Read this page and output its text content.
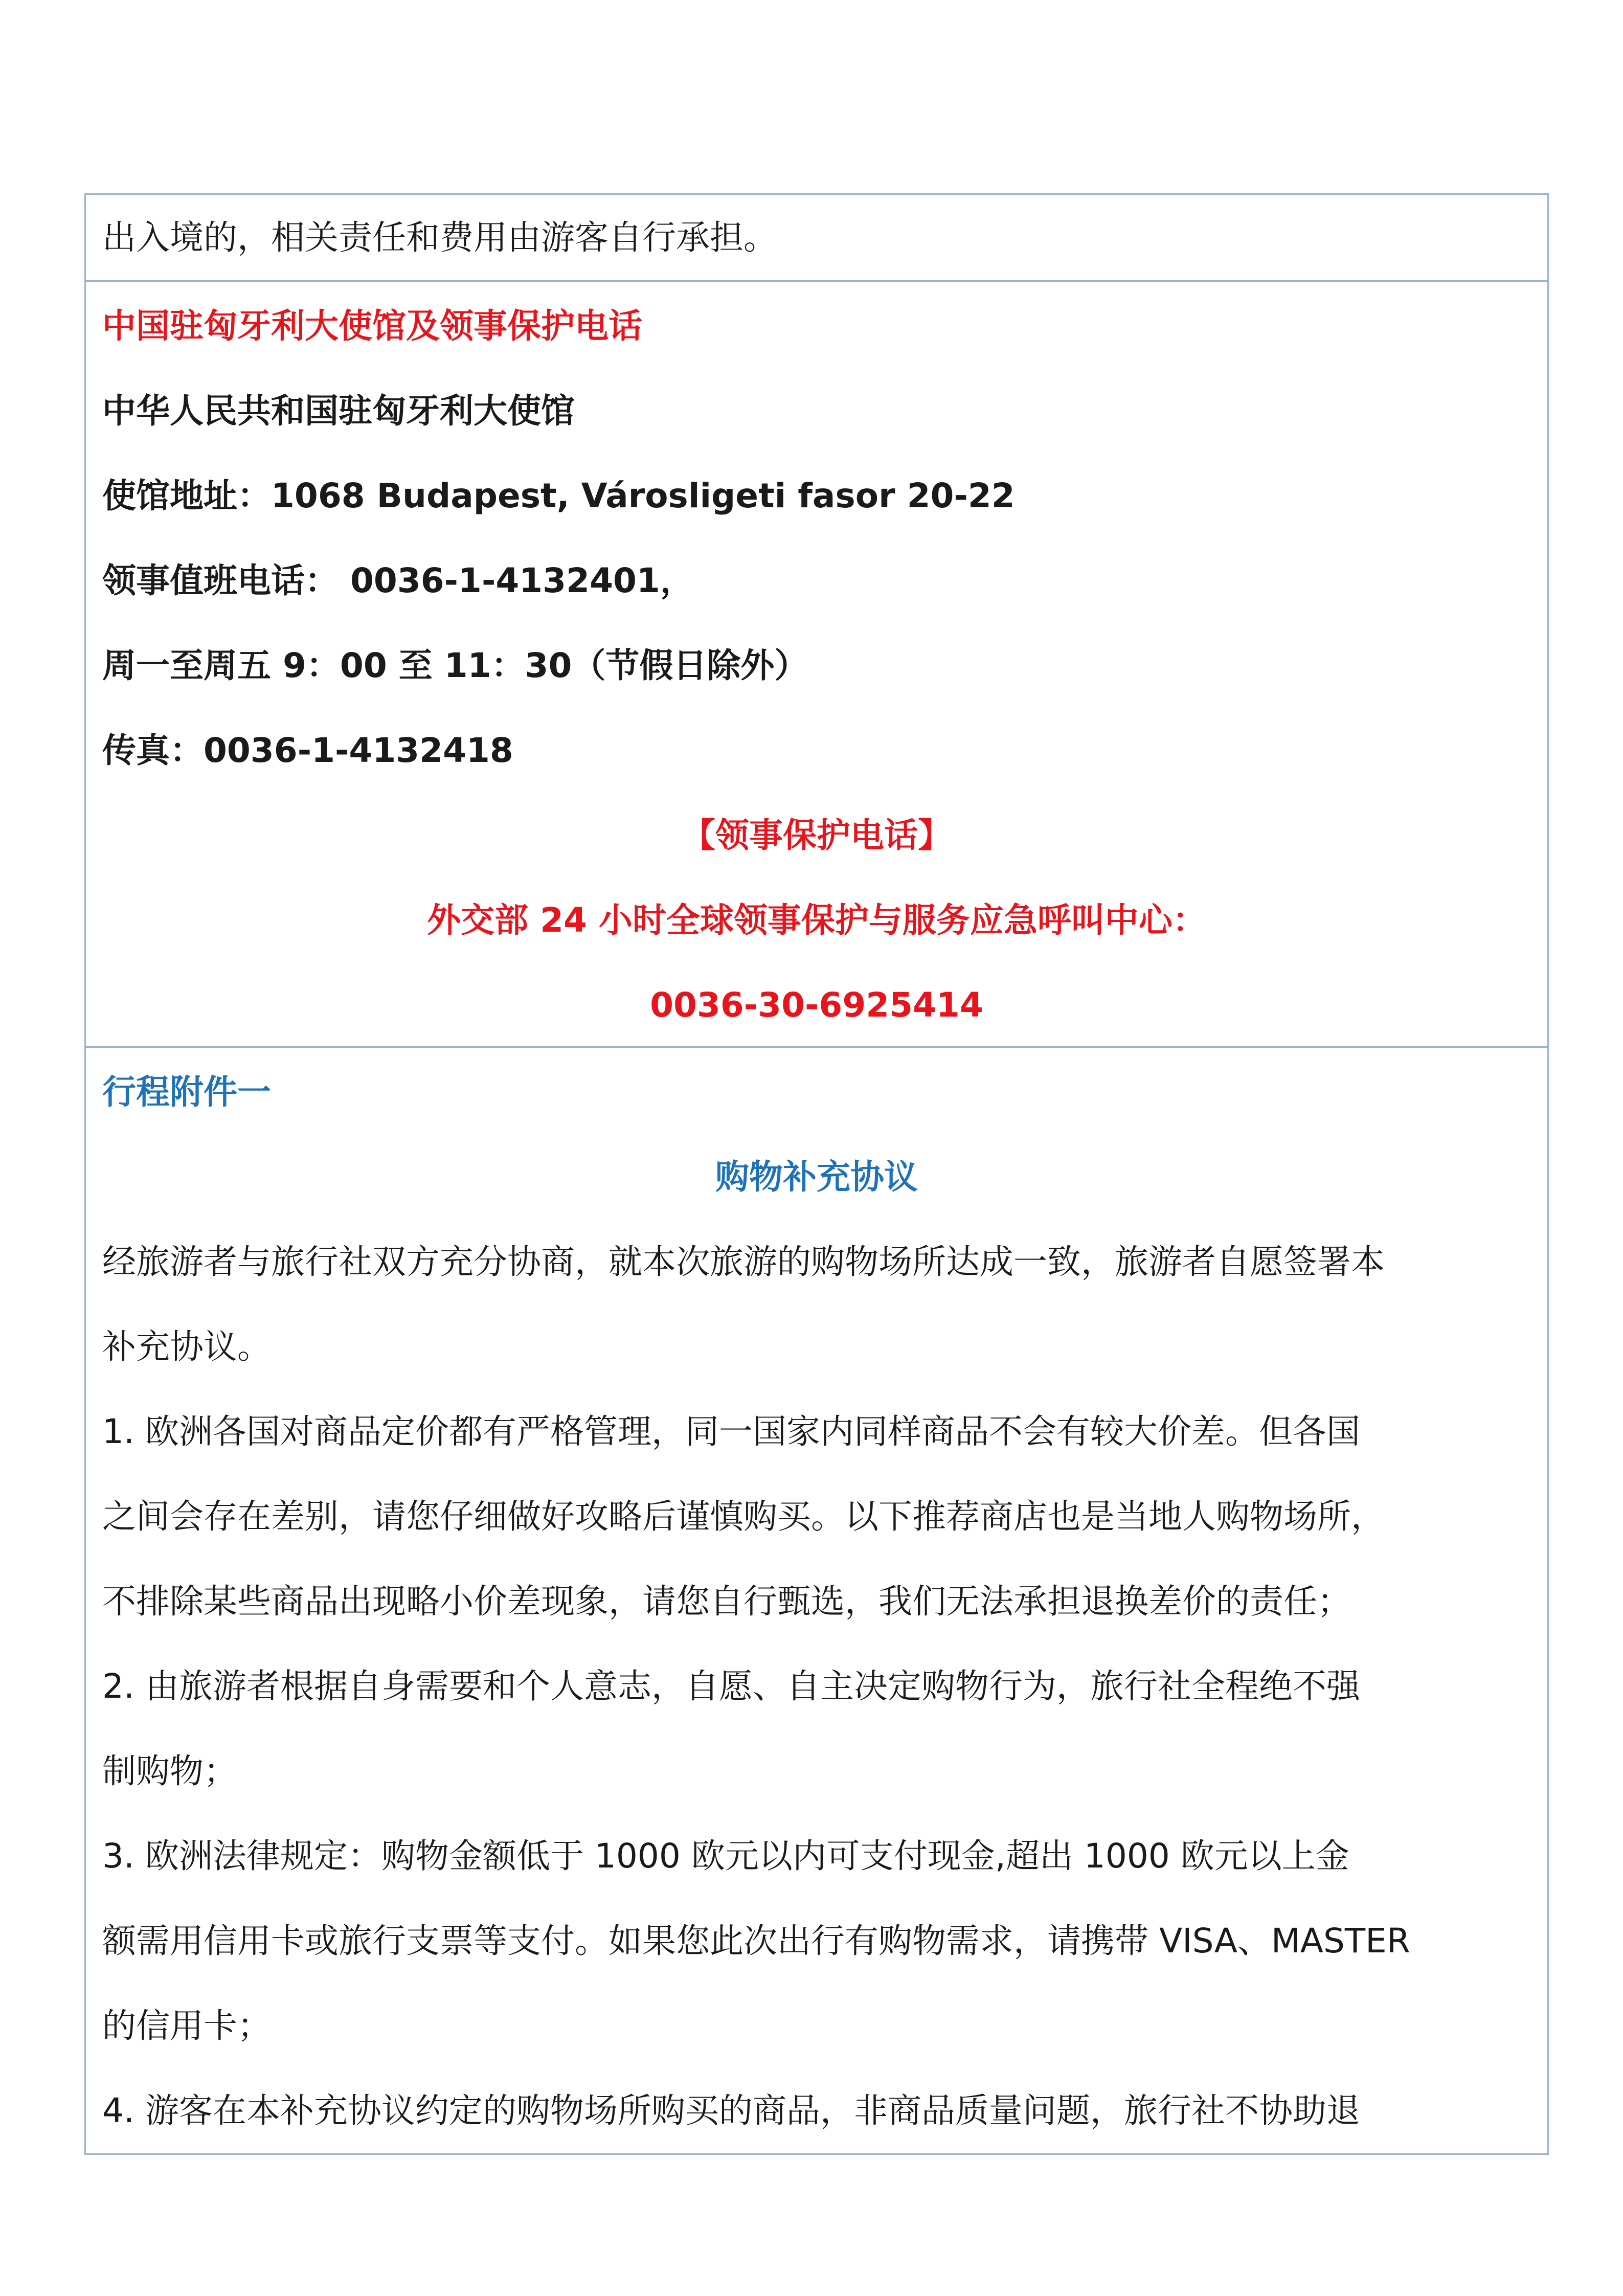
出入境的，相关责任和费用由游客自行承担。
中国驻匈牙利大使馆及领事保护电话
中华人民共和国驻匈牙利大使馆
使馆地址：1068 Budapest, Városligeti fasor 20-22
领事值班电话： 0036-1-4132401，
周一至周五 9：00 至 11：30（节假日除外）
传真：0036-1-4132418
【领事保护电话】
外交部 24 小时全球领事保护与服务应急呼叫中心：
0036-30-6925414
行程附件一
购物补充协议
经旅游者与旅行社双方充分协商，就本次旅游的购物场所达成一致，旅游者自愿签署本
补充协议。
1. 欧洲各国对商品定价都有严格管理，同一国家内同样商品不会有较大价差。但各国
之间会存在差别，请您仔细做好攻略后谨慎购买。以下推荐商店也是当地人购物场所，
不排除某些商品出现略小价差现象，请您自行甄选，我们无法承担退换差价的责任；
2. 由旅游者根据自身需要和个人意志，自愿、自主决定购物行为，旅行社全程绝不强
制购物；
3. 欧洲法律规定：购物金额低于 1000 欧元以内可支付现金,超出 1000 欧元以上金
额需用信用卡或旅行支票等支付。如果您此次出行有购物需求，请携带 VISA、MASTER
的信用卡；
4. 游客在本补充协议约定的购物场所购买的商品，非商品质量问题，旅行社不协助退
